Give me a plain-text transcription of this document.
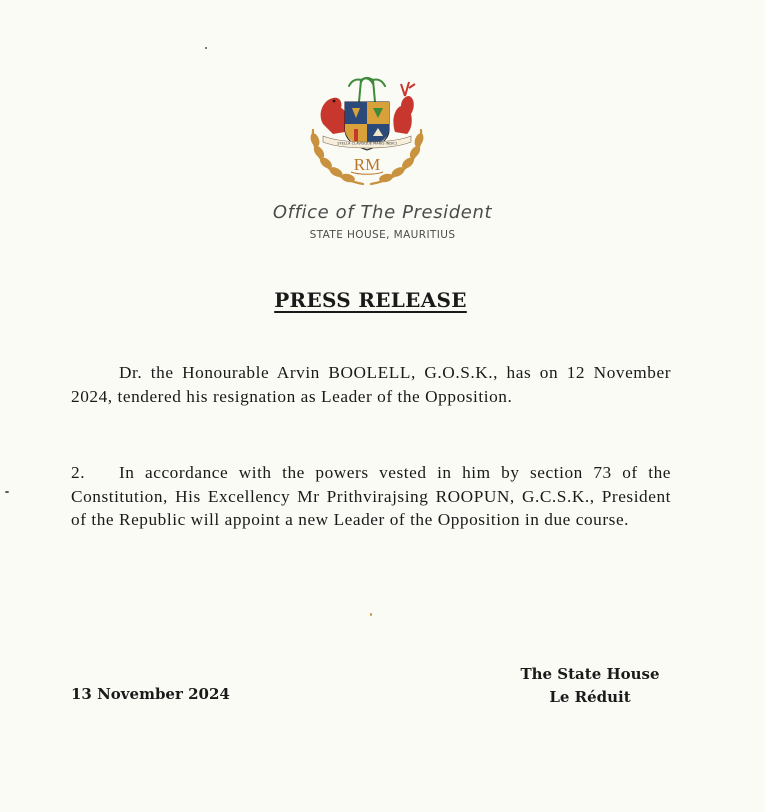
STELLA CLAVISQUE MARIS INDICI
RM
Office of The President
STATE HOUSE, MAURITIUS
PRESS RELEASE

Dr. the Honourable Arvin BOOLELL, G.O.S.K., has on 12 November 2024, tendered his resignation as Leader of the Opposition.

2. In accordance with the powers vested in him by section 73 of the Constitution, His Excellency Mr Prithvirajsing ROOPUN, G.C.S.K., President of the Republic will appoint a new Leader of the Opposition in due course.

13 November 2024
The State House
Le Réduit
